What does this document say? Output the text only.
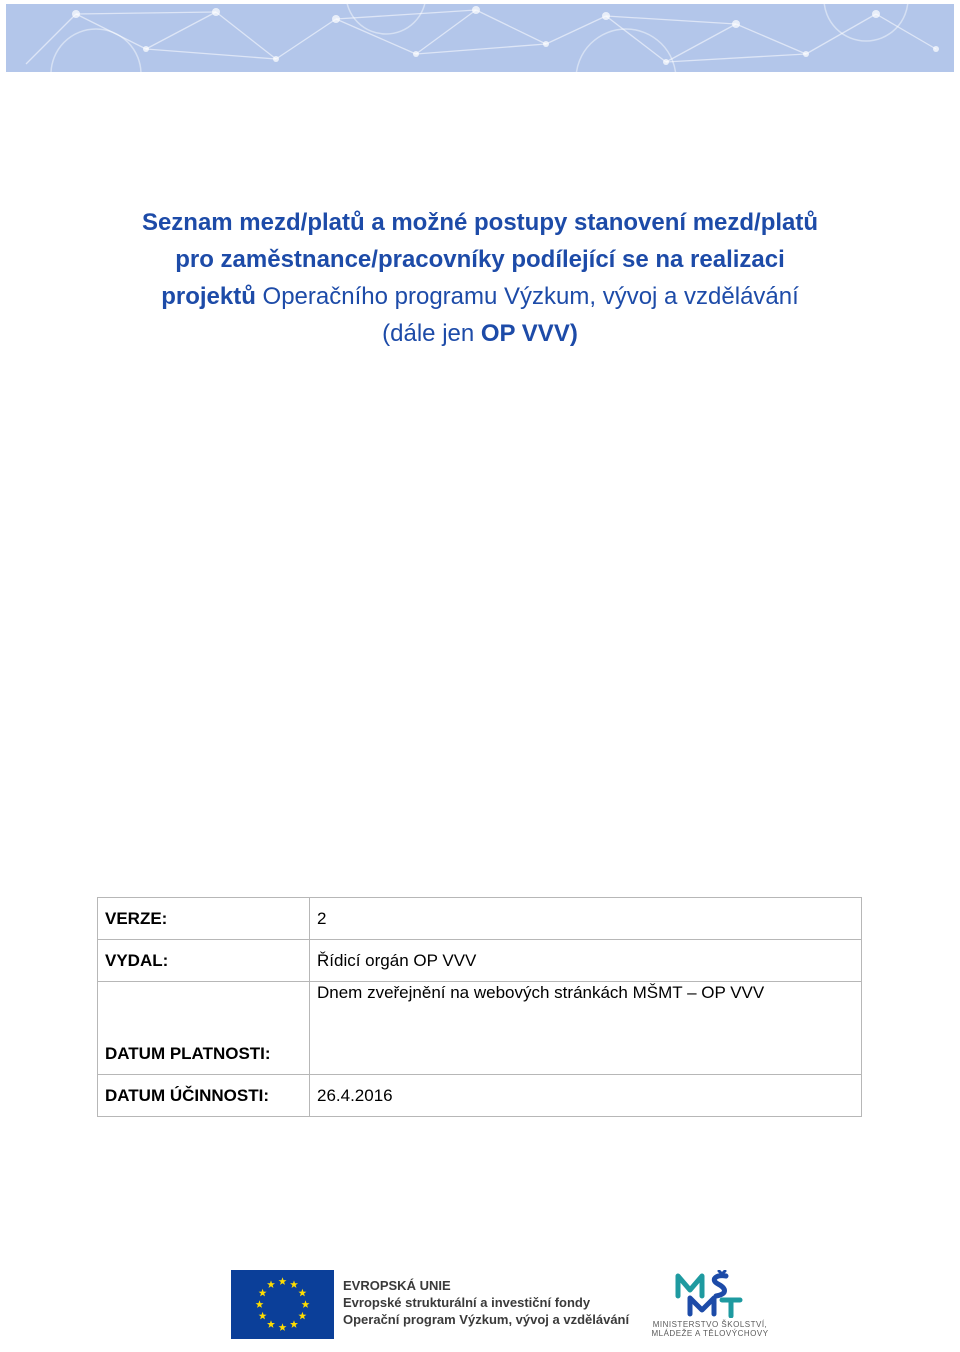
Seznam mezd/platů a možné postupy stanovení mezd/platů
pro zaměstnance/pracovníky podílející se na realizaci
projektů Operačního programu Výzkum, vývoj a vzdělávání
(dále jen OP VVV)
VERZE:	2
VYDAL:	Řídicí orgán OP VVV
DATUM PLATNOSTI:	Dnem zveřejnění na webových stránkách MŠMT – OP VVV
DATUM ÚČINNOSTI:	26.4.2016
EVROPSKÁ UNIE
Evropské strukturální a investiční fondy
Operační program Výzkum, vývoj a vzdělávání	MINISTERSTVO ŠKOLSTVÍ,
MLÁDEŽE A TĚLOVÝCHOVY
